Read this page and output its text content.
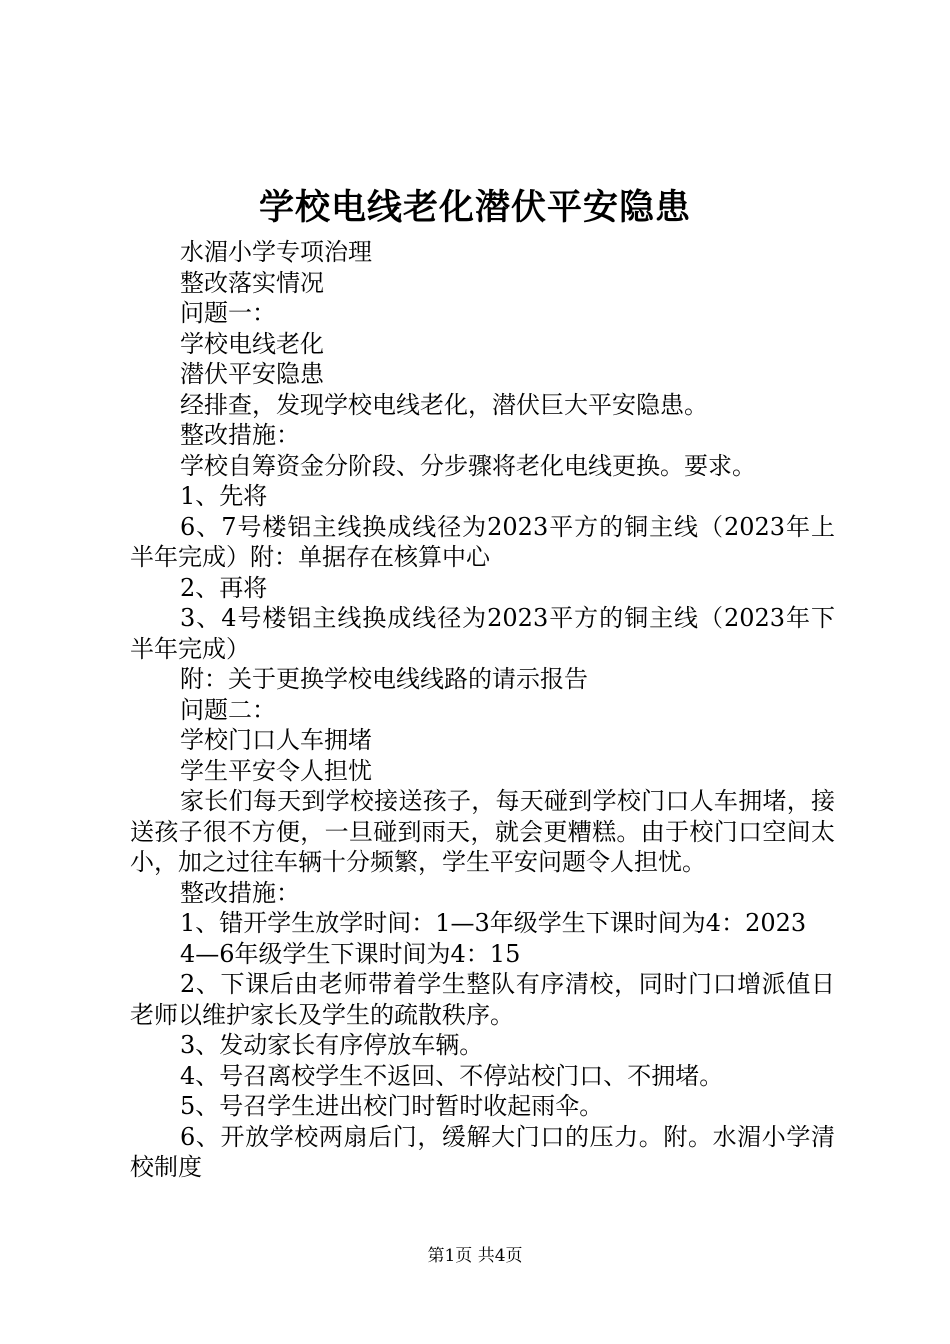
学校电线老化潜伏平安隐患

水湄小学专项治理

整改落实情况

问题一：

学校电线老化

潜伏平安隐患

经排查，发现学校电线老化，潜伏巨大平安隐患。

整改措施：

学校自筹资金分阶段、分步骤将老化电线更换。要求。

1、先将

6、7号楼铝主线换成线径为2023平方的铜主线（2023年上半年完成）附：单据存在核算中心

2、再将

3、4号楼铝主线换成线径为2023平方的铜主线（2023年下半年完成）

附：关于更换学校电线线路的请示报告

问题二：

学校门口人车拥堵

学生平安令人担忧

家长们每天到学校接送孩子，每天碰到学校门口人车拥堵，接送孩子很不方便，一旦碰到雨天，就会更糟糕。由于校门口空间太小，加之过往车辆十分频繁，学生平安问题令人担忧。

整改措施：

1、错开学生放学时间：1—3年级学生下课时间为4：2023

4—6年级学生下课时间为4：15

2、下课后由老师带着学生整队有序清校，同时门口增派值日老师以维护家长及学生的疏散秩序。

3、发动家长有序停放车辆。

4、号召离校学生不返回、不停站校门口、不拥堵。

5、号召学生进出校门时暂时收起雨伞。

6、开放学校两扇后门，缓解大门口的压力。附。水湄小学清校制度

第1页 共4页
